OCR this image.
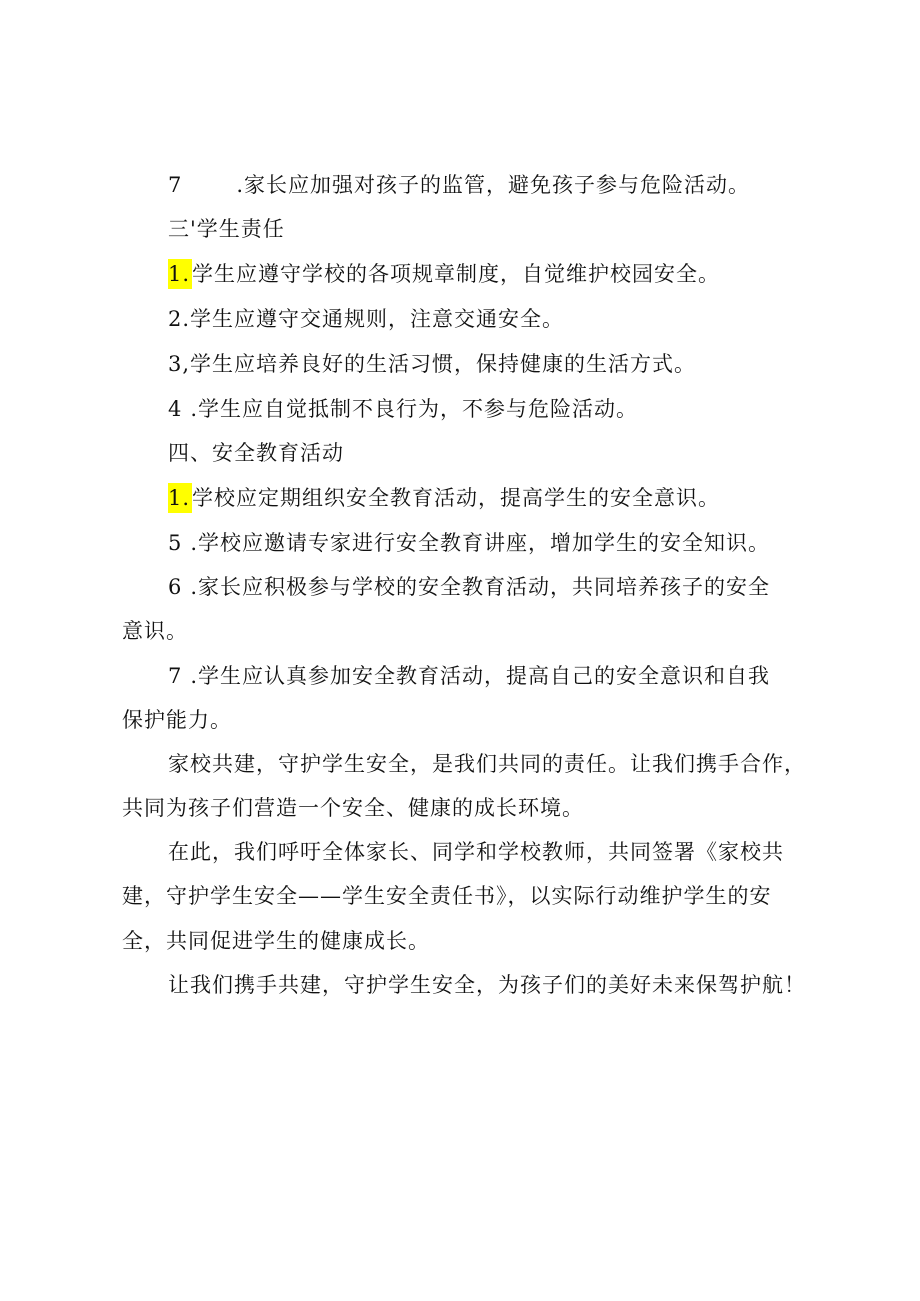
7	.家长应加强对孩子的监管，避免孩子参与危险活动。
三'学生责任
1.学生应遵守学校的各项规章制度，自觉维护校园安全。
2.学生应遵守交通规则，注意交通安全。
3,学生应培养良好的生活习惯，保持健康的生活方式。
4 .学生应自觉抵制不良行为，不参与危险活动。
四、安全教育活动
1.学校应定期组织安全教育活动，提高学生的安全意识。
5 .学校应邀请专家进行安全教育讲座，增加学生的安全知识。
6 .家长应积极参与学校的安全教育活动，共同培养孩子的安全
意识。
7 .学生应认真参加安全教育活动，提高自己的安全意识和自我
保护能力。
家校共建，守护学生安全，是我们共同的责任。让我们携手合作，
共同为孩子们营造一个安全、健康的成长环境。
在此，我们呼吁全体家长、同学和学校教师，共同签署《家校共
建，守护学生安全——学生安全责任书》，以实际行动维护学生的安
全，共同促进学生的健康成长。
让我们携手共建，守护学生安全，为孩子们的美好未来保驾护航！
